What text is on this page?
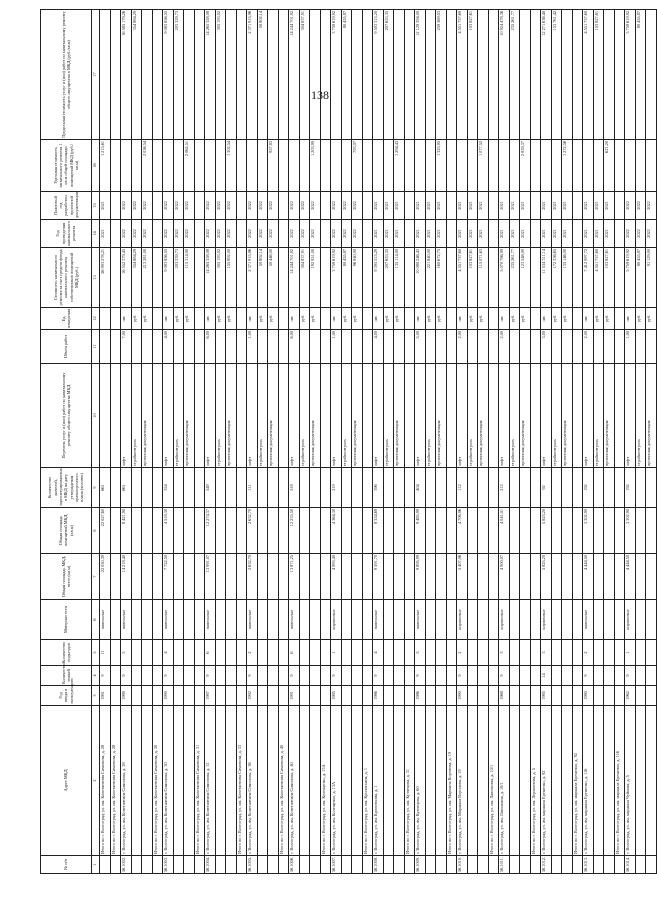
138
№ п/п	Адрес МКД	Год ввода в эксплуатацию	Количество этажей	Количество подъездов	Материал стен	Общая площадь МКД, всего (кв.м)	Общая площадь помещений МКД (кв.м)	Количество жителей, зарегистрированных в МКД на дату утверждения краткосрочного плана (человек)	Перечень услуг и (или) работ по капитальному ремонту общего имущества МКД	Объем работ	Ед. измерения	Стоимость капитального ремонта за счет средств фонда капитального ремонта собственников помещений МКД (руб.)	Год проведения капитального ремонта	Плановый год разработки проектной документации	Удельная стоимость капитального ремонта 1 кв.м общей площади помещений МКД (руб./кв.м)	Предельная стоимость услуг и (или) работ по капитальному ремонту общего имущества в МКД (руб./кв.м)
1	2	3	4	5	6	7	8	9	10	11	12	13	14	15	16	17
	Итого по г. Волгоград, ул. им. Константина Симонова, д. 28	1981	9	11	панельные	22 050,39	22 027,60	661				26 993 278,21	2021	2021	1 215,61	
	Итого по г. Волгоград, ул. им. Константина Симонова, д. 28															
56.1002.	г. Волгоград, ул. им. Константина Симонова, д. 28	1989	9	5	панельные	14 218,40	8 421,90	661	лифт	7,00	шт.	16 552 379,45	2022	2022		16 585 179,26
									стройконтроль		руб.	354 884,29	2022	2022		354 884,29
									проектная документация		руб.	213 281,00	2022	2022	2 036,54	
	Итого по г. Волгоград, ул. им. Константина Симонова, д. 30															
56.1003.	г. Волгоград, ул. им. Константина Симонова, д. 30	1990	9	4	панельные	7 722,50	4 518,30	354	лифт	4,00	шт.	9 083 856,55	2022	2022		9 083 856,55
									стройконтроль		руб.	203 339,73	2022	2022		203 339,73
									проектная документация		руб.	115 314,00	2022	2022	2 062,51	
	Итого по г. Волгоград, ул. им. Константина Симонова, д. 31															
56.1004.	г. Волгоград, ул. им. Константина Симонова, д. 31	1987	9	6	панельные	13 991,07	12 274,37	549	лифт	6,00	шт.	14 265 358,08	2022	2022		14 265 358,08
									стройконтроль		руб.	305 193,02	2022	2022		305 193,02
									проектная документация		руб.	155 892,00	2022	2022	1 302,54	
	Итого по г. Волгоград, ул. им. Константина Симонова, д. 33															
56.1005.	г. Волгоград, ул. им. Константина Симонова, д. 36	1992	9	2	панельные	2 632,70	2 632,70	111	лифт	1,00	шт.	2 371 915,96	2022	2022		2 371 915,96
									стройконтроль		руб.	50 802,14	2022	2022		50 802,14
									проектная документация		руб.	50 446,00	2022	2022	957,83	
	Итого по г. Волгоград, ул. им. Константина Симонова, д. 40															
56.1006.	г. Волгоград, ул. им. Константина Симонова, д. 40	1991	9	6	панельные	13 871,25	12 235,50	518	лифт	6,00	шт.	14 244 701,92	2022	2022		14 244 701,92
									стройконтроль		руб.	304 837,91	2022	2022		304 837,91
									проектная документация		руб.	192 951,00	2022	2022	1 203,99	
	Итого по г. Волгоград, ул. им. Колещенко, д. 13А															
56.1007.	г. Волгоград, ул. им. Колещенко, д. 13А	1985	9	1	кирпичные	4 993,40	4 364,30	219	лифт	1,00	шт.	3 759 619,92	2022	2022		3 759 619,92
									стройконтроль		руб.	80 455,87	2022	2022		80 455,87
									проектная документация		руб.	96 940,00	2022	2022	793,07	
	Итого по г. Волгоград, ул. им. Кропоткина, д. 1															
56.1008.	г. Волгоград, ул. им. Кропоткина, д. 1	1986	9	4	панельные	9 591,70	8 354,69	396	лифт	4,00	шт.	9 395 515,29	2021	2021		9 503 315,20
									стройконтроль		руб.	207 653,35	2021	2021		207 653,35
									проектная документация		руб.	135 114,00	2021	2021	1 294,43	
	Итого по г. Волгоград, ул. им. Кузнецова, д. 31															
56.1009.	г. Волгоград, ул. им. Кузнецова, д. 60	1986	9	5	панельные	9 895,99	9 485,99	404	лифт	5,00	шт.	10 080 246,43	2021	2021		12 129 394,00
									стройконтроль		руб.	221 840,00	2021	2021		
									проектная документация		руб.	160 672,75	2021	2021	1 325,95	259 569,03
	Итого по г. Волгоград, ул. им. Маршала Воронова, д. 19															
56.1010.	г. Волгоград, ул. им. Маршала Воронова, д. 19	1990	9	2	кирпичные	5 407,06	4 706,96	112	лифт	2,00	шт.	4 551 757,60	2021	2021		4 551 757,60
									стройконтроль		руб.	103 827,61	2021	2021		103 827,61
									проектная документация		руб.	115 071,63	2021	2021	1 077,52	
	Итого по г. Волгоград, ул. им. Лавочкина, д. 10/1															
56.1011.	г. Волгоград, ул. им. Лавочкина, д. 10/1	1968	9	3	кирпичные	4 900,07	4 041,01	212	лифт	2,00	шт.	5 070 786,99	2021	2021		10 924 478,36
									стройконтроль		руб.	235 261,77	2021	2021		235 261,77
									проектная документация		руб.	123 548,00	2021	2021	2 839,37	
	Итого по г. Волгоград, ул. им. Лермонтова, д. 5															
56.1012.	г. Волгоград, ул. им. маршала Еременко, д. 92	1985	14	3	кирпичные	5 825,20	5 825,20	92	лифт	3,00	шт.	11 534 311,14	2021	2021		12 271 636,40
									стройконтроль		руб.	172 336,65	2021	2021		153 761,42
									проектная документация		руб.	135 146,00	2021	2021	1 272,56	
	Итого по г. Волгоград, ул. им. маршала Еременко, д. 92															
56.1013.	г. Волгоград, ул. им. маршала Еременко, д. 116	1980	9	2	панельные	4 444,50	3 302,90	192	лифт	2,00	шт.	7 412 097,72	2021	2021		4 551 757,60
									стройконтроль		руб.	4 551 757,60	2021	2021		103 827,61
									проектная документация		руб.	103 827,61	2021	2021	621,20	
	Итого по г. Волгоград, ул. им. маршала Еременко, д. 116															
56.1014.	г. Волгоград, ул. им. маршала Чуйкова, д. 5	1962	9	1	кирпичные	4 444,50	3 302,90	192	лифт	1,00	шт.	5 759 619,92	2022	2022		3 759 619,92
									стройконтроль		руб.	80 455,87	2022	2022		80 455,87
									проектная документация		руб.	91 129,00	2022	2022		
